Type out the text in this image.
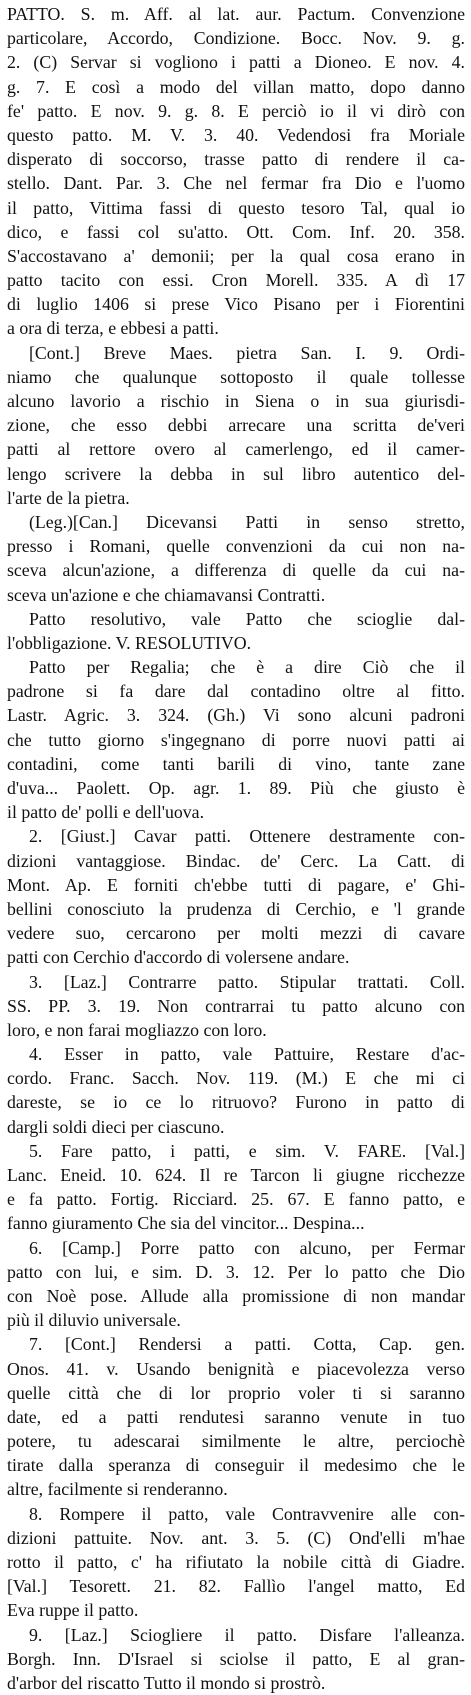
PATTO. S. m. Aff. al lat. aur. Pactum. Convenzione
particolare, Accordo, Condizione. Bocc. Nov. 9. g.
2. (C) Servar si vogliono i patti a Dioneo. E nov. 4.
g. 7. E così a modo del villan matto, dopo danno
fe' patto. E nov. 9. g. 8. E perciò io il vi dirò con
questo patto. M. V. 3. 40. Vedendosi fra Moriale
disperato di soccorso, trasse patto di rendere il ca-
stello. Dant. Par. 3. Che nel fermar fra Dio e l'uomo
il patto, Vittima fassi di questo tesoro Tal, qual io
dico, e fassi col su'atto. Ott. Com. Inf. 20. 358.
S'accostavano a' demonii; per la qual cosa erano in
patto tacito con essi. Cron Morell. 335. A dì 17
di luglio 1406 si prese Vico Pisano per i Fiorentini
a ora di terza, e ebbesi a patti.
[Cont.] Breve Maes. pietra San. I. 9. Ordi-
niamo che qualunque sottoposto il quale tollesse
alcuno lavorio a rischio in Siena o in sua giurisdi-
zione, che esso debbi arrecare una scritta de'veri
patti al rettore overo al camerlengo, ed il camer-
lengo scrivere la debba in sul libro autentico del-
l'arte de la pietra.
(Leg.)[Can.] Dicevansi Patti in senso stretto,
presso i Romani, quelle convenzioni da cui non na-
sceva alcun'azione, a differenza di quelle da cui na-
sceva un'azione e che chiamavansi Contratti.
Patto resolutivo, vale Patto che scioglie dal-
l'obbligazione. V. RESOLUTIVO.
Patto per Regalia; che è a dire Ciò che il
padrone si fa dare dal contadino oltre al fitto.
Lastr. Agric. 3. 324. (Gh.) Vi sono alcuni padroni
che tutto giorno s'ingegnano di porre nuovi patti ai
contadini, come tanti barili di vino, tante zane
d'uva... Paolett. Op. agr. 1. 89. Più che giusto è
il patto de' polli e dell'uova.
2. [Giust.] Cavar patti. Ottenere destramente con-
dizioni vantaggiose. Bindac. de' Cerc. La Catt. di
Mont. Ap. E forniti ch'ebbe tutti di pagare, e' Ghi-
bellini conosciuto la prudenza di Cerchio, e 'l grande
vedere suo, cercarono per molti mezzi di cavare
patti con Cerchio d'accordo di volersene andare.
3. [Laz.] Contrarre patto. Stipular trattati. Coll.
SS. PP. 3. 19. Non contrarrai tu patto alcuno con
loro, e non farai mogliazzo con loro.
4. Esser in patto, vale Pattuire, Restare d'ac-
cordo. Franc. Sacch. Nov. 119. (M.) E che mi ci
dareste, se io ce lo ritruovo? Furono in patto di
dargli soldi dieci per ciascuno.
5. Fare patto, i patti, e sim. V. FARE. [Val.]
Lanc. Eneid. 10. 624. Il re Tarcon li giugne ricchezze
e fa patto. Fortig. Ricciard. 25. 67. E fanno patto, e
fanno giuramento Che sia del vincitor... Despina...
6. [Camp.] Porre patto con alcuno, per Fermar
patto con lui, e sim. D. 3. 12. Per lo patto che Dio
con Noè pose. Allude alla promissione di non mandar
più il diluvio universale.
7. [Cont.] Rendersi a patti. Cotta, Cap. gen.
Onos. 41. v. Usando benignità e piacevolezza verso
quelle città che di lor proprio voler ti si saranno
date, ed a patti rendutesi saranno venute in tuo
potere, tu adescarai similmente le altre, perciochè
tirate dalla speranza di conseguir il medesimo che le
altre, facilmente si renderanno.
8. Rompere il patto, vale Contravvenire alle con-
dizioni pattuite. Nov. ant. 3. 5. (C) Ond'elli m'hae
rotto il patto, c' ha rifiutato la nobile città di Giadre.
[Val.] Tesorett. 21. 82. Fallìo l'angel matto, Ed
Eva ruppe il patto.
9. [Laz.] Sciogliere il patto. Disfare l'alleanza.
Borgh. Inn. D'Israel si sciolse il patto, E al gran-
d'arbor del riscatto Tutto il mondo si prostrò.
